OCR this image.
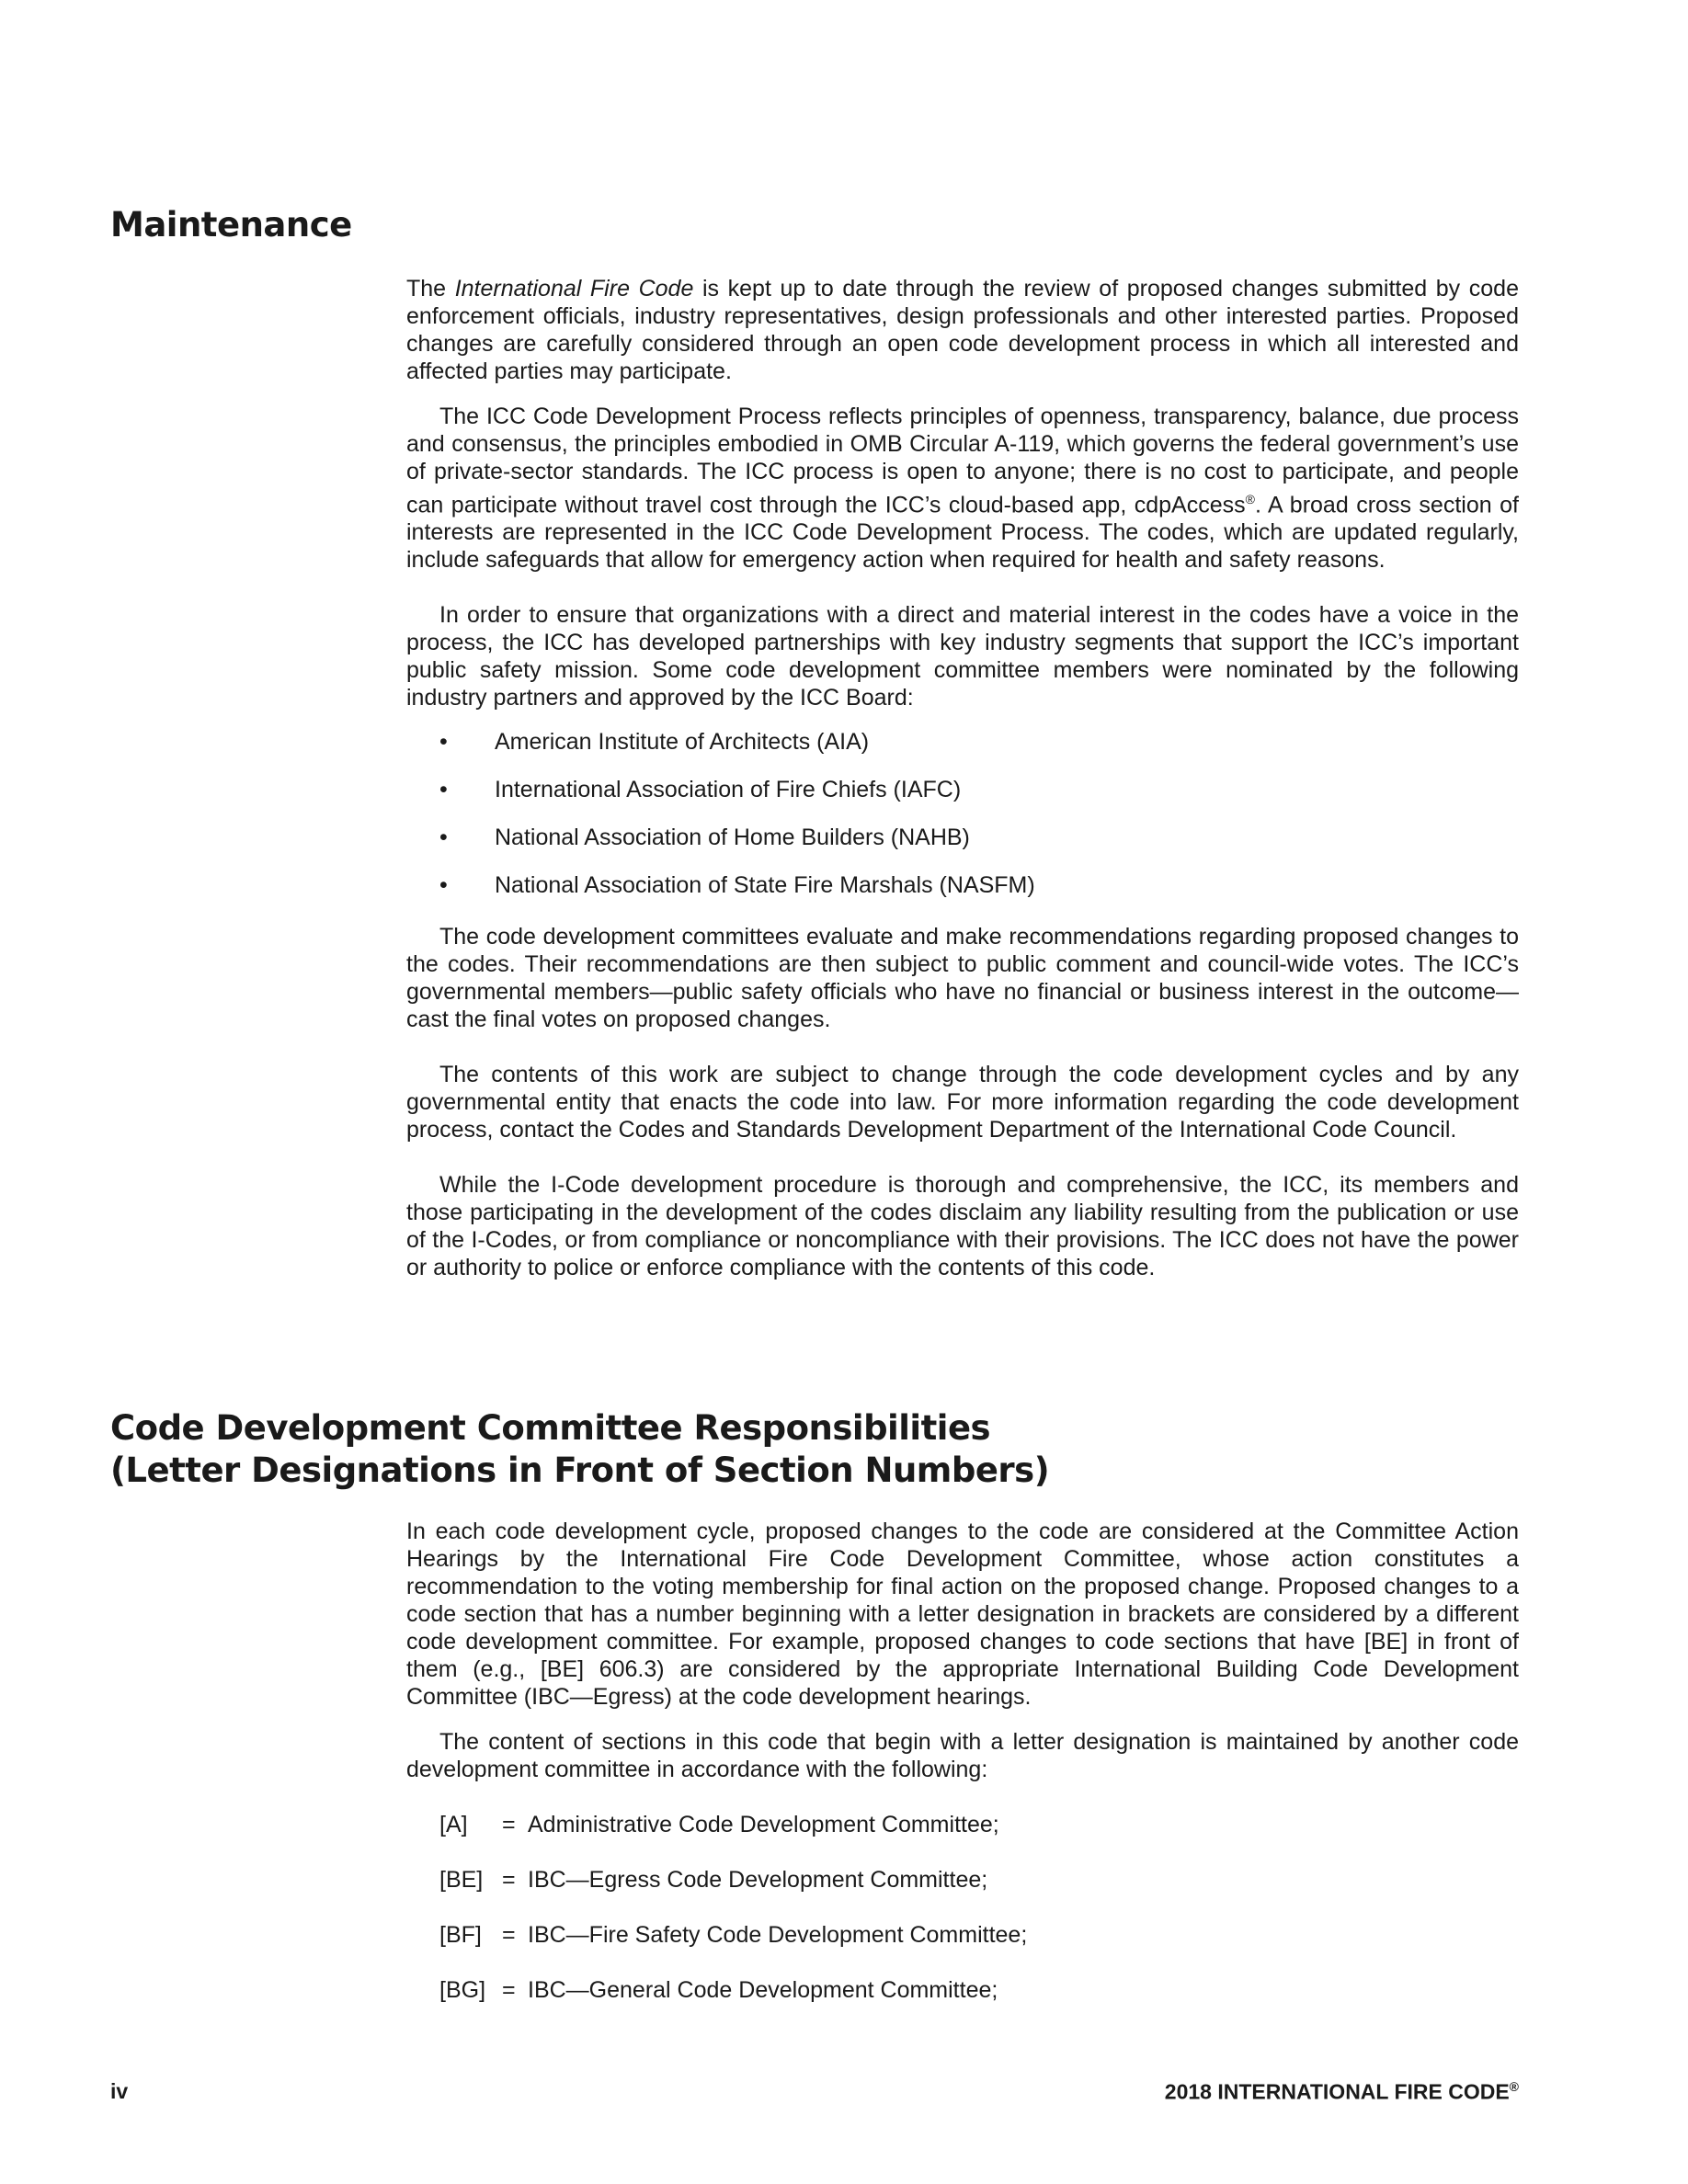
Maintenance

The International Fire Code is kept up to date through the review of proposed changes submitted by code enforcement officials, industry representatives, design professionals and other interested parties. Proposed changes are carefully considered through an open code development process in which all interested and affected parties may participate.

The ICC Code Development Process reflects principles of openness, transparency, balance, due process and consensus, the principles embodied in OMB Circular A-119, which governs the federal government’s use of private-sector standards. The ICC process is open to anyone; there is no cost to participate, and people can participate without travel cost through the ICC’s cloud-based app, cdpAccess®. A broad cross section of interests are represented in the ICC Code Development Process. The codes, which are updated regularly, include safeguards that allow for emergency action when required for health and safety reasons.

In order to ensure that organizations with a direct and material interest in the codes have a voice in the process, the ICC has developed partnerships with key industry segments that support the ICC’s important public safety mission. Some code development committee members were nominated by the following industry partners and approved by the ICC Board:

• American Institute of Architects (AIA)
• International Association of Fire Chiefs (IAFC)
• National Association of Home Builders (NAHB)
• National Association of State Fire Marshals (NASFM)

The code development committees evaluate and make recommendations regarding proposed changes to the codes. Their recommendations are then subject to public comment and council-wide votes. The ICC’s governmental members—public safety officials who have no financial or business interest in the outcome—cast the final votes on proposed changes.

The contents of this work are subject to change through the code development cycles and by any governmental entity that enacts the code into law. For more information regarding the code development process, contact the Codes and Standards Development Department of the International Code Council.

While the I-Code development procedure is thorough and comprehensive, the ICC, its members and those participating in the development of the codes disclaim any liability resulting from the publication or use of the I-Codes, or from compliance or noncompliance with their provisions. The ICC does not have the power or authority to police or enforce compliance with the contents of this code.

Code Development Committee Responsibilities
(Letter Designations in Front of Section Numbers)

In each code development cycle, proposed changes to the code are considered at the Committee Action Hearings by the International Fire Code Development Committee, whose action constitutes a recommendation to the voting membership for final action on the proposed change. Proposed changes to a code section that has a number beginning with a letter designation in brackets are considered by a different code development committee. For example, proposed changes to code sections that have [BE] in front of them (e.g., [BE] 606.3) are considered by the appropriate International Building Code Development Committee (IBC—Egress) at the code development hearings.

The content of sections in this code that begin with a letter designation is maintained by another code development committee in accordance with the following:

[A] = Administrative Code Development Committee;
[BE] = IBC—Egress Code Development Committee;
[BF] = IBC—Fire Safety Code Development Committee;
[BG] = IBC—General Code Development Committee;
iv	2018 INTERNATIONAL FIRE CODE®
